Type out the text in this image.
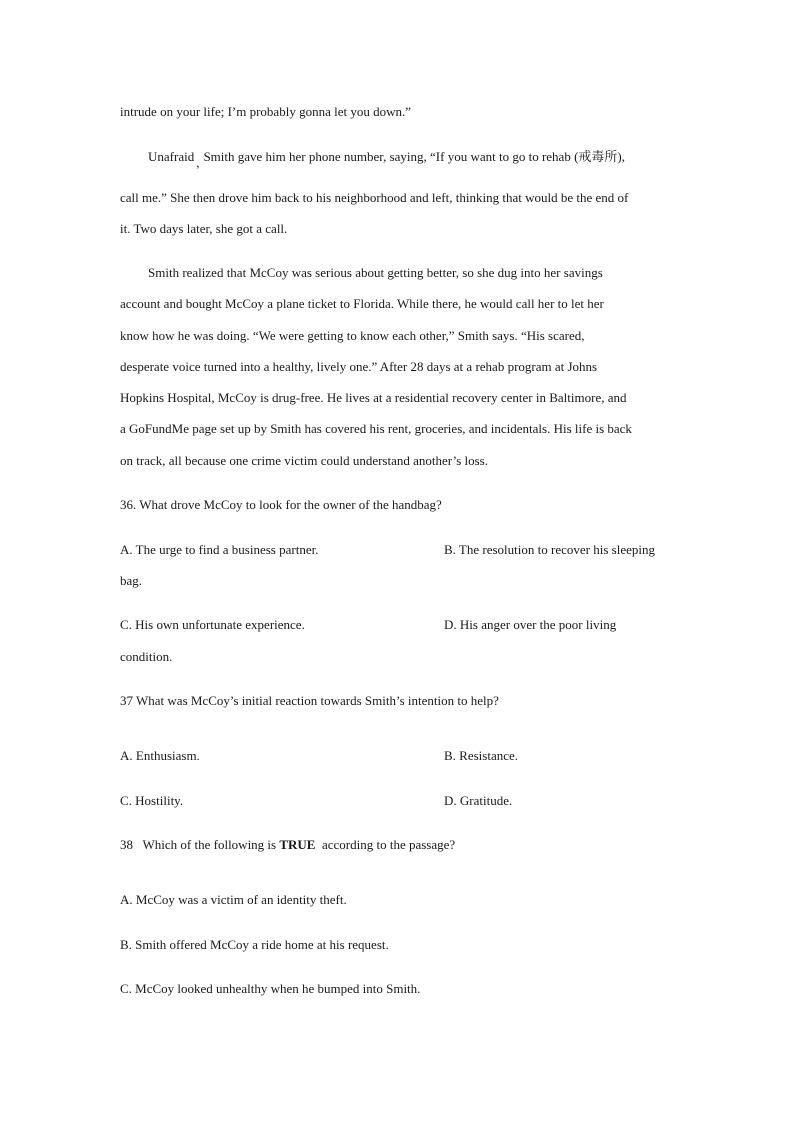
intrude on your life; I’m probably gonna let you down.”
Unafraid , Smith gave him her phone number, saying, “If you want to go to rehab (戒毒所),
call me.” She then drove him back to his neighborhood and left, thinking that would be the end of
it. Two days later, she got a call.
Smith realized that McCoy was serious about getting better, so she dug into her savings
account and bought McCoy a plane ticket to Florida. While there, he would call her to let her
know how he was doing. “We were getting to know each other,” Smith says. “His scared,
desperate voice turned into a healthy, lively one.” After 28 days at a rehab program at Johns
Hopkins Hospital, McCoy is drug-free. He lives at a residential recovery center in Baltimore, and
a GoFundMe page set up by Smith has covered his rent, groceries, and incidentals. His life is back
on track, all because one crime victim could understand another’s loss.
36. What drove McCoy to look for the owner of the handbag?
A. The urge to find a business partner.	B. The resolution to recover his sleeping
bag.
C. His own unfortunate experience.	D. His anger over the poor living
condition.
37 What was McCoy’s initial reaction towards Smith’s intention to help?
A. Enthusiasm.	B. Resistance.
C. Hostility.	D. Gratitude.
38   Which of the following is TRUE  according to the passage?
A. McCoy was a victim of an identity theft.
B. Smith offered McCoy a ride home at his request.
C. McCoy looked unhealthy when he bumped into Smith.
